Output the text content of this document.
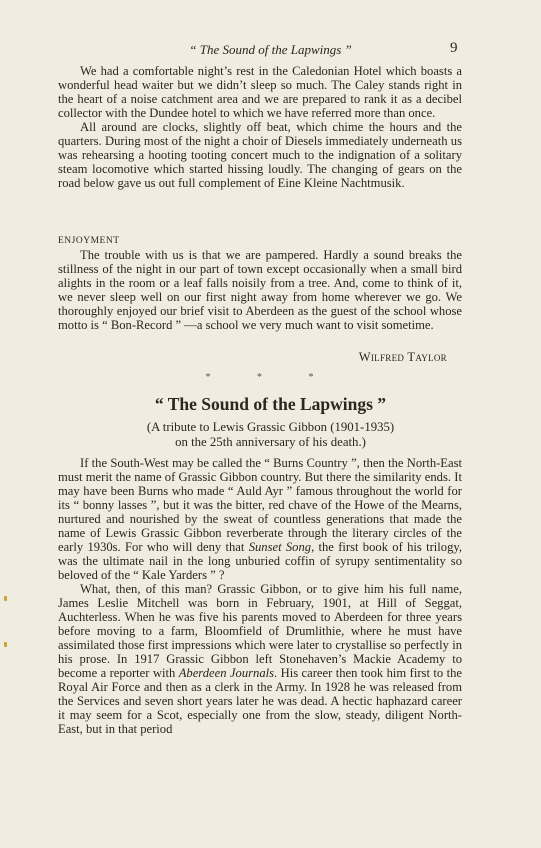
“ The Sound of the Lapwings ”	9

We had a comfortable night’s rest in the Caledonian Hotel which boasts a wonderful head waiter but we didn’t sleep so much. The Caley stands right in the heart of a noise catchment area and we are prepared to rank it as a decibel collector with the Dundee hotel to which we have referred more than once.

All around are clocks, slightly off beat, which chime the hours and the quarters. During most of the night a choir of Diesels immediately underneath us was rehearsing a hooting tooting concert much to the indignation of a solitary steam locomotive which started hissing loudly. The changing of gears on the road below gave us out full complement of Eine Kleine Nachtmusik.

ENJOYMENT

The trouble with us is that we are pampered. Hardly a sound breaks the stillness of the night in our part of town except occasionally when a small bird alights in the room or a leaf falls noisily from a tree. And, come to think of it, we never sleep well on our first night away from home wherever we go. We thoroughly enjoyed our brief visit to Aberdeen as the guest of the school whose motto is “ Bon-Record ” —a school we very much want to visit sometime.

Wilfred Taylor
* * *
“ The Sound of the Lapwings ”
(A tribute to Lewis Grassic Gibbon (1901-1935)
on the 25th anniversary of his death.)

If the South-West may be called the “ Burns Country ”, then the North-East must merit the name of Grassic Gibbon country. But there the similarity ends. It may have been Burns who made “ Auld Ayr ” famous throughout the world for its “ bonny lasses ”, but it was the bitter, red chave of the Howe of the Mearns, nurtured and nourished by the sweat of countless generations that made the name of Lewis Grassic Gibbon reverberate through the literary circles of the early 1930s. For who will deny that Sunset Song, the first book of his trilogy, was the ultimate nail in the long unburied coffin of syrupy sentimentality so beloved of the “ Kale Yarders ” ?

What, then, of this man? Grassic Gibbon, or to give him his full name, James Leslie Mitchell was born in February, 1901, at Hill of Seggat, Auchterless. When he was five his parents moved to Aberdeen for three years before moving to a farm, Bloomfield of Drumlithie, where he must have assimilated those first impressions which were later to crystallise so perfectly in his prose. In 1917 Grassic Gibbon left Stonehaven’s Mackie Academy to become a reporter with Aberdeen Journals. His career then took him first to the Royal Air Force and then as a clerk in the Army. In 1928 he was released from the Services and seven short years later he was dead. A hectic haphazard career it may seem for a Scot, especially one from the slow, steady, diligent North-East, but in that period
